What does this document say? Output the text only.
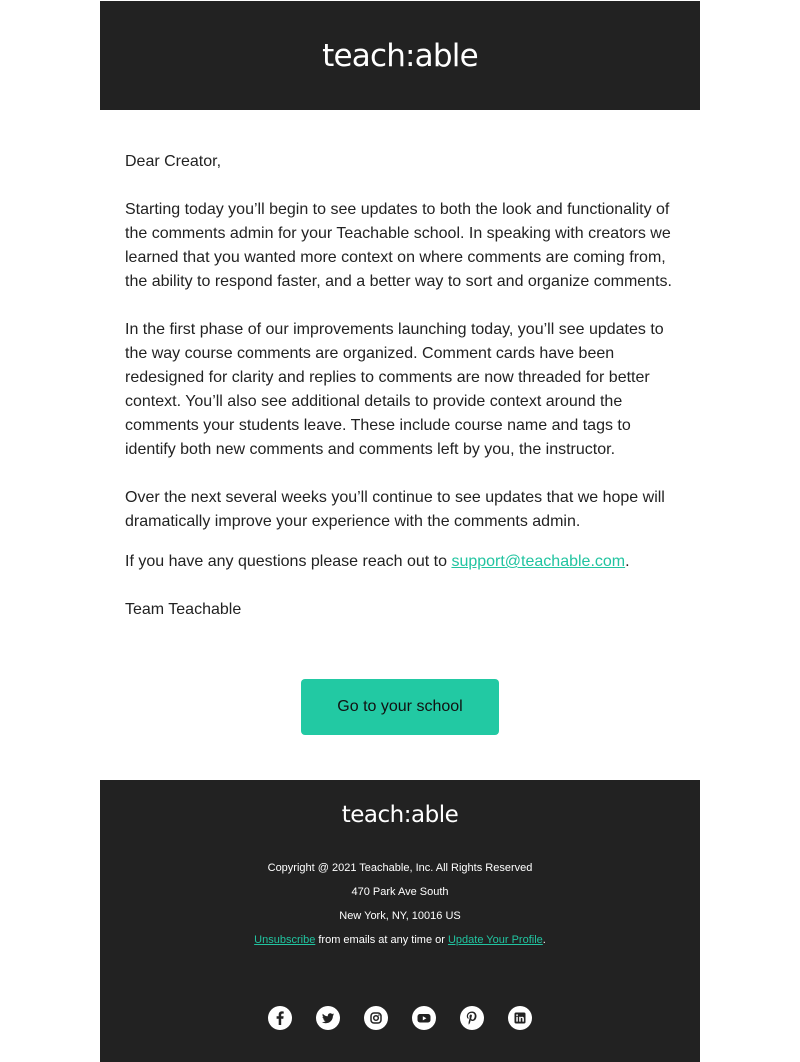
teach:able

Dear Creator,

Starting today you’ll begin to see updates to both the look and functionality of the comments admin for your Teachable school. In speaking with creators we learned that you wanted more context on where comments are coming from, the ability to respond faster, and a better way to sort and organize comments.

In the first phase of our improvements launching today, you’ll see updates to the way course comments are organized. Comment cards have been redesigned for clarity and replies to comments are now threaded for better context. You’ll also see additional details to provide context around the comments your students leave. These include course name and tags to identify both new comments and comments left by you, the instructor.

Over the next several weeks you’ll continue to see updates that we hope will dramatically improve your experience with the comments admin.

If you have any questions please reach out to support@teachable.com.

Team Teachable

Go to your school
teach:able
Copyright @ 2021 Teachable, Inc. All Rights Reserved
470 Park Ave South
New York, NY, 10016 US
Unsubscribe from emails at any time or Update Your Profile.
